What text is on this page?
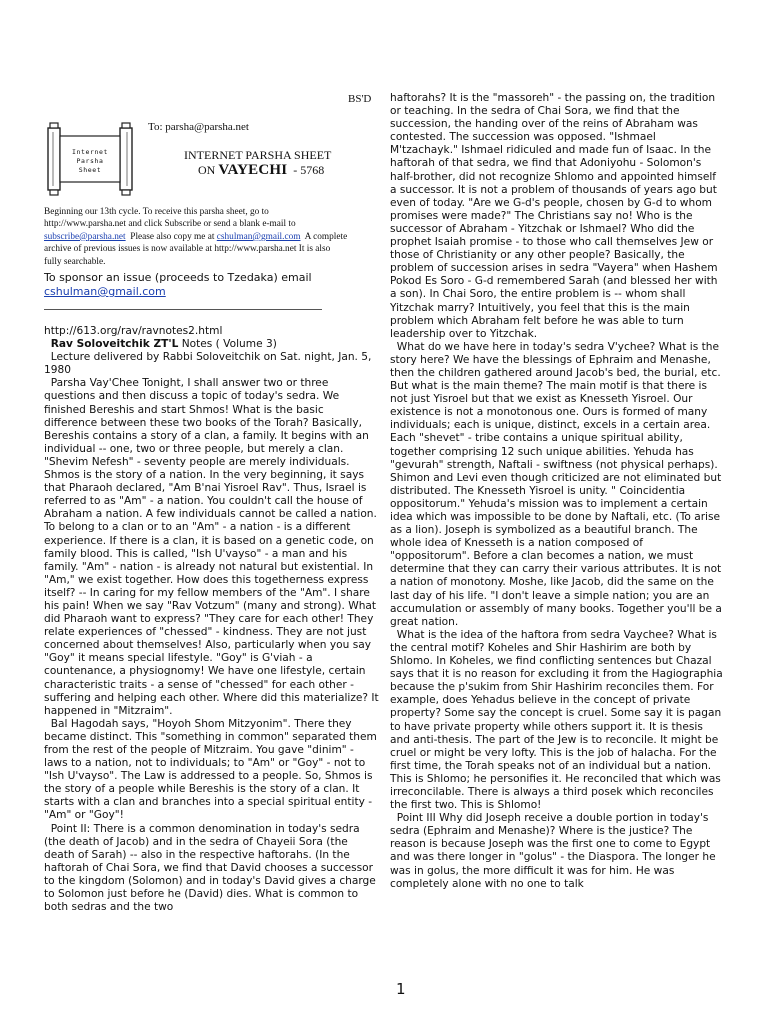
BS'D
Internet
Parsha
Sheet
To: parsha@parsha.net
INTERNET PARSHA SHEET
ON VAYECHI - 5768
Beginning our 13th cycle. To receive this parsha sheet, go to
http://www.parsha.net and click Subscribe or send a blank e-mail to
subscribe@parsha.net Please also copy me at cshulman@gmail.com A complete
archive of previous issues is now available at http://www.parsha.net It is also
fully searchable.
To sponsor an issue (proceeds to Tzedaka) email
cshulman@gmail.com

http://613.org/rav/ravnotes2.html

Rav Soloveitchik ZT'L Notes ( Volume 3)

Lecture delivered by Rabbi Soloveitchik on Sat. night, Jan. 5, 1980

Parsha Vay'Chee Tonight, I shall answer two or three questions and then discuss a topic of today's sedra. We finished Bereshis and start Shmos! What is the basic difference between these two books of the Torah? Basically, Bereshis contains a story of a clan, a family. It begins with an individual -- one, two or three people, but merely a clan. "Shevim Nefesh" - seventy people are merely individuals. Shmos is the story of a nation. In the very beginning, it says that Pharaoh declared, "Am B'nai Yisroel Rav". Thus, Israel is referred to as "Am" - a nation. You couldn't call the house of Abraham a nation. A few individuals cannot be called a nation. To belong to a clan or to an "Am" - a nation - is a different experience. If there is a clan, it is based on a genetic code, on family blood. This is called, "Ish U'vayso" - a man and his family. "Am" - nation - is already not natural but existential. In "Am," we exist together. How does this togetherness express itself? -- In caring for my fellow members of the "Am". I share his pain! When we say "Rav Votzum" (many and strong). What did Pharaoh want to express? "They care for each other! They relate experiences of "chessed" - kindness. They are not just concerned about themselves! Also, particularly when you say "Goy" it means special lifestyle. "Goy" is G'viah - a countenance, a physiognomy! We have one lifestyle, certain characteristic traits - a sense of "chessed" for each other - suffering and helping each other. Where did this materialize? It happened in "Mitzraim".

Bal Hagodah says, "Hoyoh Shom Mitzyonim". There they became distinct. This "something in common" separated them from the rest of the people of Mitzraim. You gave "dinim" - laws to a nation, not to individuals; to "Am" or "Goy" - not to "Ish U'vayso". The Law is addressed to a people. So, Shmos is the story of a people while Bereshis is the story of a clan. It starts with a clan and branches into a special spiritual entity - "Am" or "Goy"!

Point II: There is a common denomination in today's sedra (the death of Jacob) and in the sedra of Chayeii Sora (the death of Sarah) -- also in the respective haftorahs. (In the haftorah of Chai Sora, we find that David chooses a successor to the kingdom (Solomon) and in today's David gives a charge to Solomon just before he (David) dies. What is common to both sedras and the two

haftorahs? It is the "massoreh" - the passing on, the tradition or teaching. In the sedra of Chai Sora, we find that the succession, the handing over of the reins of Abraham was contested. The succession was opposed. "Ishmael M'tzachayk." Ishmael ridiculed and made fun of Isaac. In the haftorah of that sedra, we find that Adoniyohu - Solomon's half-brother, did not recognize Shlomo and appointed himself a successor. It is not a problem of thousands of years ago but even of today. "Are we G-d's people, chosen by G-d to whom promises were made?" The Christians say no! Who is the successor of Abraham - Yitzchak or Ishmael? Who did the prophet Isaiah promise - to those who call themselves Jew or those of Christianity or any other people? Basically, the problem of succession arises in sedra "Vayera" when Hashem Pokod Es Soro - G-d remembered Sarah (and blessed her with a son). In Chai Soro, the entire problem is -- whom shall Yitzchak marry? Intuitively, you feel that this is the main problem which Abraham felt before he was able to turn leadership over to Yitzchak.

What do we have here in today's sedra V'ychee? What is the story here? We have the blessings of Ephraim and Menashe, then the children gathered around Jacob's bed, the burial, etc. But what is the main theme? The main motif is that there is not just Yisroel but that we exist as Knesseth Yisroel. Our existence is not a monotonous one. Ours is formed of many individuals; each is unique, distinct, excels in a certain area. Each "shevet" - tribe contains a unique spiritual ability, together comprising 12 such unique abilities. Yehuda has "gevurah" strength, Naftali - swiftness (not physical perhaps). Shimon and Levi even though criticized are not eliminated but distributed. The Knesseth Yisroel is unity. " Coincidentia oppositorum." Yehuda's mission was to implement a certain idea which was impossible to be done by Naftali, etc. (To arise as a lion). Joseph is symbolized as a beautiful branch. The whole idea of Knesseth is a nation composed of "oppositorum". Before a clan becomes a nation, we must determine that they can carry their various attributes. It is not a nation of monotony. Moshe, like Jacob, did the same on the last day of his life. "I don't leave a simple nation; you are an accumulation or assembly of many books. Together you'll be a great nation.

What is the idea of the haftora from sedra Vaychee? What is the central motif? Koheles and Shir Hashirim are both by Shlomo. In Koheles, we find conflicting sentences but Chazal says that it is no reason for excluding it from the Hagiographia because the p'sukim from Shir Hashirim reconciles them. For example, does Yehadus believe in the concept of private property? Some say the concept is cruel. Some say it is pagan to have private property while others support it. It is thesis and anti-thesis. The part of the Jew is to reconcile. It might be cruel or might be very lofty. This is the job of halacha. For the first time, the Torah speaks not of an individual but a nation. This is Shlomo; he personifies it. He reconciled that which was irreconcilable. There is always a third posek which reconciles the first two. This is Shlomo!

Point III Why did Joseph receive a double portion in today's sedra (Ephraim and Menashe)? Where is the justice? The reason is because Joseph was the first one to come to Egypt and was there longer in "golus" - the Diaspora. The longer he was in golus, the more difficult it was for him. He was completely alone with no one to talk

1
